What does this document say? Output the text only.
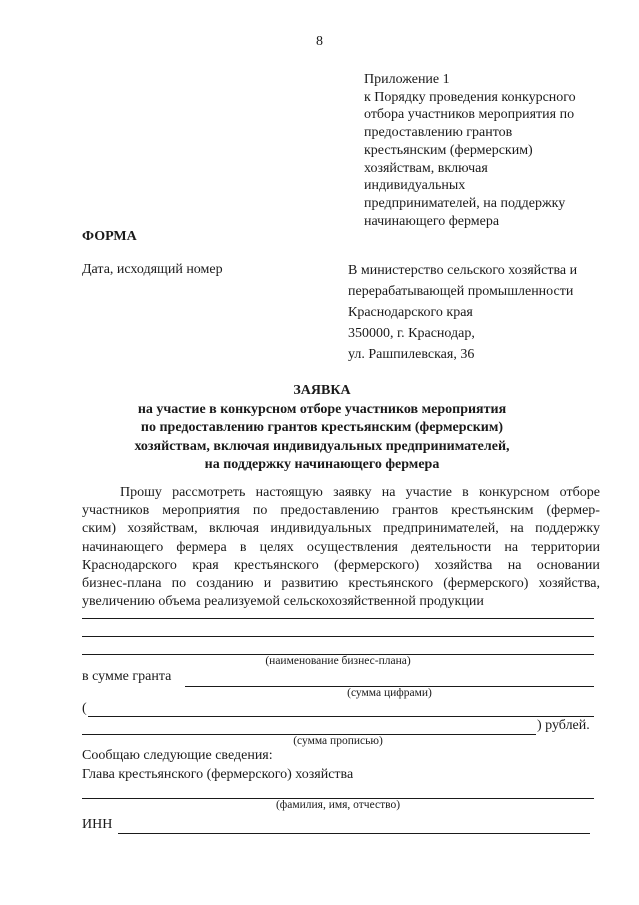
8
Приложение 1
к Порядку проведения конкурсного
отбора участников мероприятия по
предоставлению грантов
крестьянским (фермерским)
хозяйствам, включая
индивидуальных
предпринимателей, на поддержку
начинающего фермера
ФОРМА
Дата, исходящий номер	В министерство сельского хозяйства и
перерабатывающей промышленности
Краснодарского края
350000, г. Краснодар,
ул. Рашпилевская, 36
ЗАЯВКА
на участие в конкурсном отборе участников мероприятия
по предоставлению грантов крестьянским (фермерским)
хозяйствам, включая индивидуальных предпринимателей,
на поддержку начинающего фермера
Прошу рассмотреть настоящую заявку на участие в конкурсном отборе
участников мероприятия по предоставлению грантов крестьянским (фермер-
ским) хозяйствам, включая индивидуальных предпринимателей, на поддержку
начинающего фермера в целях осуществления деятельности на территории
Краснодарского края крестьянского (фермерского) хозяйства на основании
бизнес-плана по созданию и развитию крестьянского (фермерского) хозяйства,
увеличению объема реализуемой сельскохозяйственной продукции
(наименование бизнес-плана)
в сумме гранта
(сумма цифрами)
(
) рублей.
(сумма прописью)
Сообщаю следующие сведения:
Глава крестьянского (фермерского) хозяйства
(фамилия, имя, отчество)
ИНН
